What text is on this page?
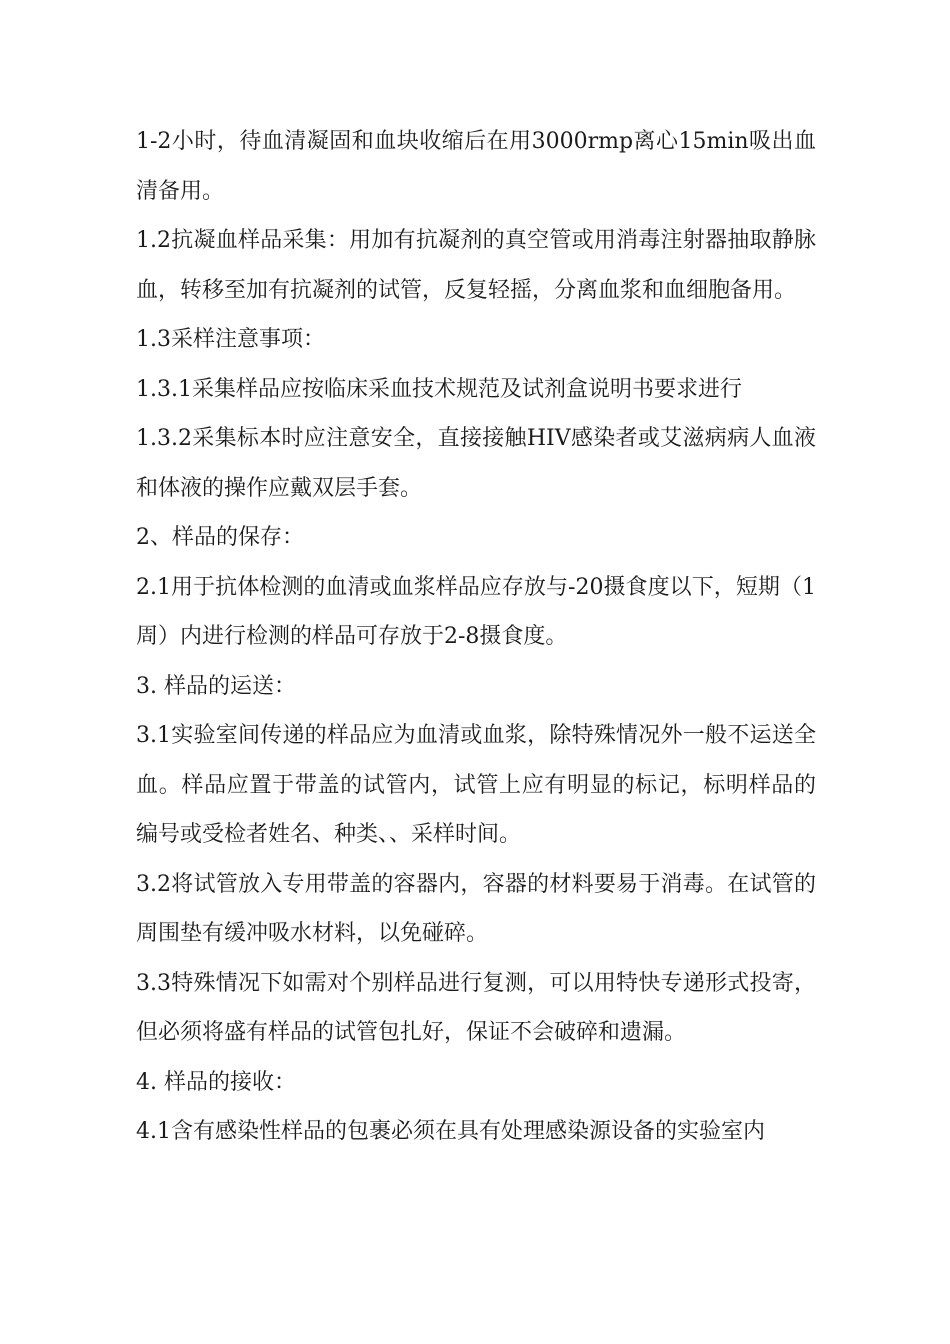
1-2小时，待血清凝固和血块收缩后在用3000rmp离心15min吸出血清备用。

1.2抗凝血样品采集：用加有抗凝剂的真空管或用消毒注射器抽取静脉血，转移至加有抗凝剂的试管，反复轻摇，分离血浆和血细胞备用。

1.3采样注意事项：

1.3.1采集样品应按临床采血技术规范及试剂盒说明书要求进行

1.3.2采集标本时应注意安全，直接接触HIV感染者或艾滋病病人血液和体液的操作应戴双层手套。

2、样品的保存：

2.1用于抗体检测的血清或血浆样品应存放与-20摄食度以下，短期（1周）内进行检测的样品可存放于2-8摄食度。

3. 样品的运送：

3.1实验室间传递的样品应为血清或血浆，除特殊情况外一般不运送全血。样品应置于带盖的试管内，试管上应有明显的标记，标明样品的编号或受检者姓名、种类、、采样时间。

3.2将试管放入专用带盖的容器内，容器的材料要易于消毒。在试管的周围垫有缓冲吸水材料，以免碰碎。

3.3特殊情况下如需对个别样品进行复测，可以用特快专递形式投寄，但必须将盛有样品的试管包扎好，保证不会破碎和遗漏。

4. 样品的接收：

4.1含有感染性样品的包裹必须在具有处理感染源设备的实验室内
